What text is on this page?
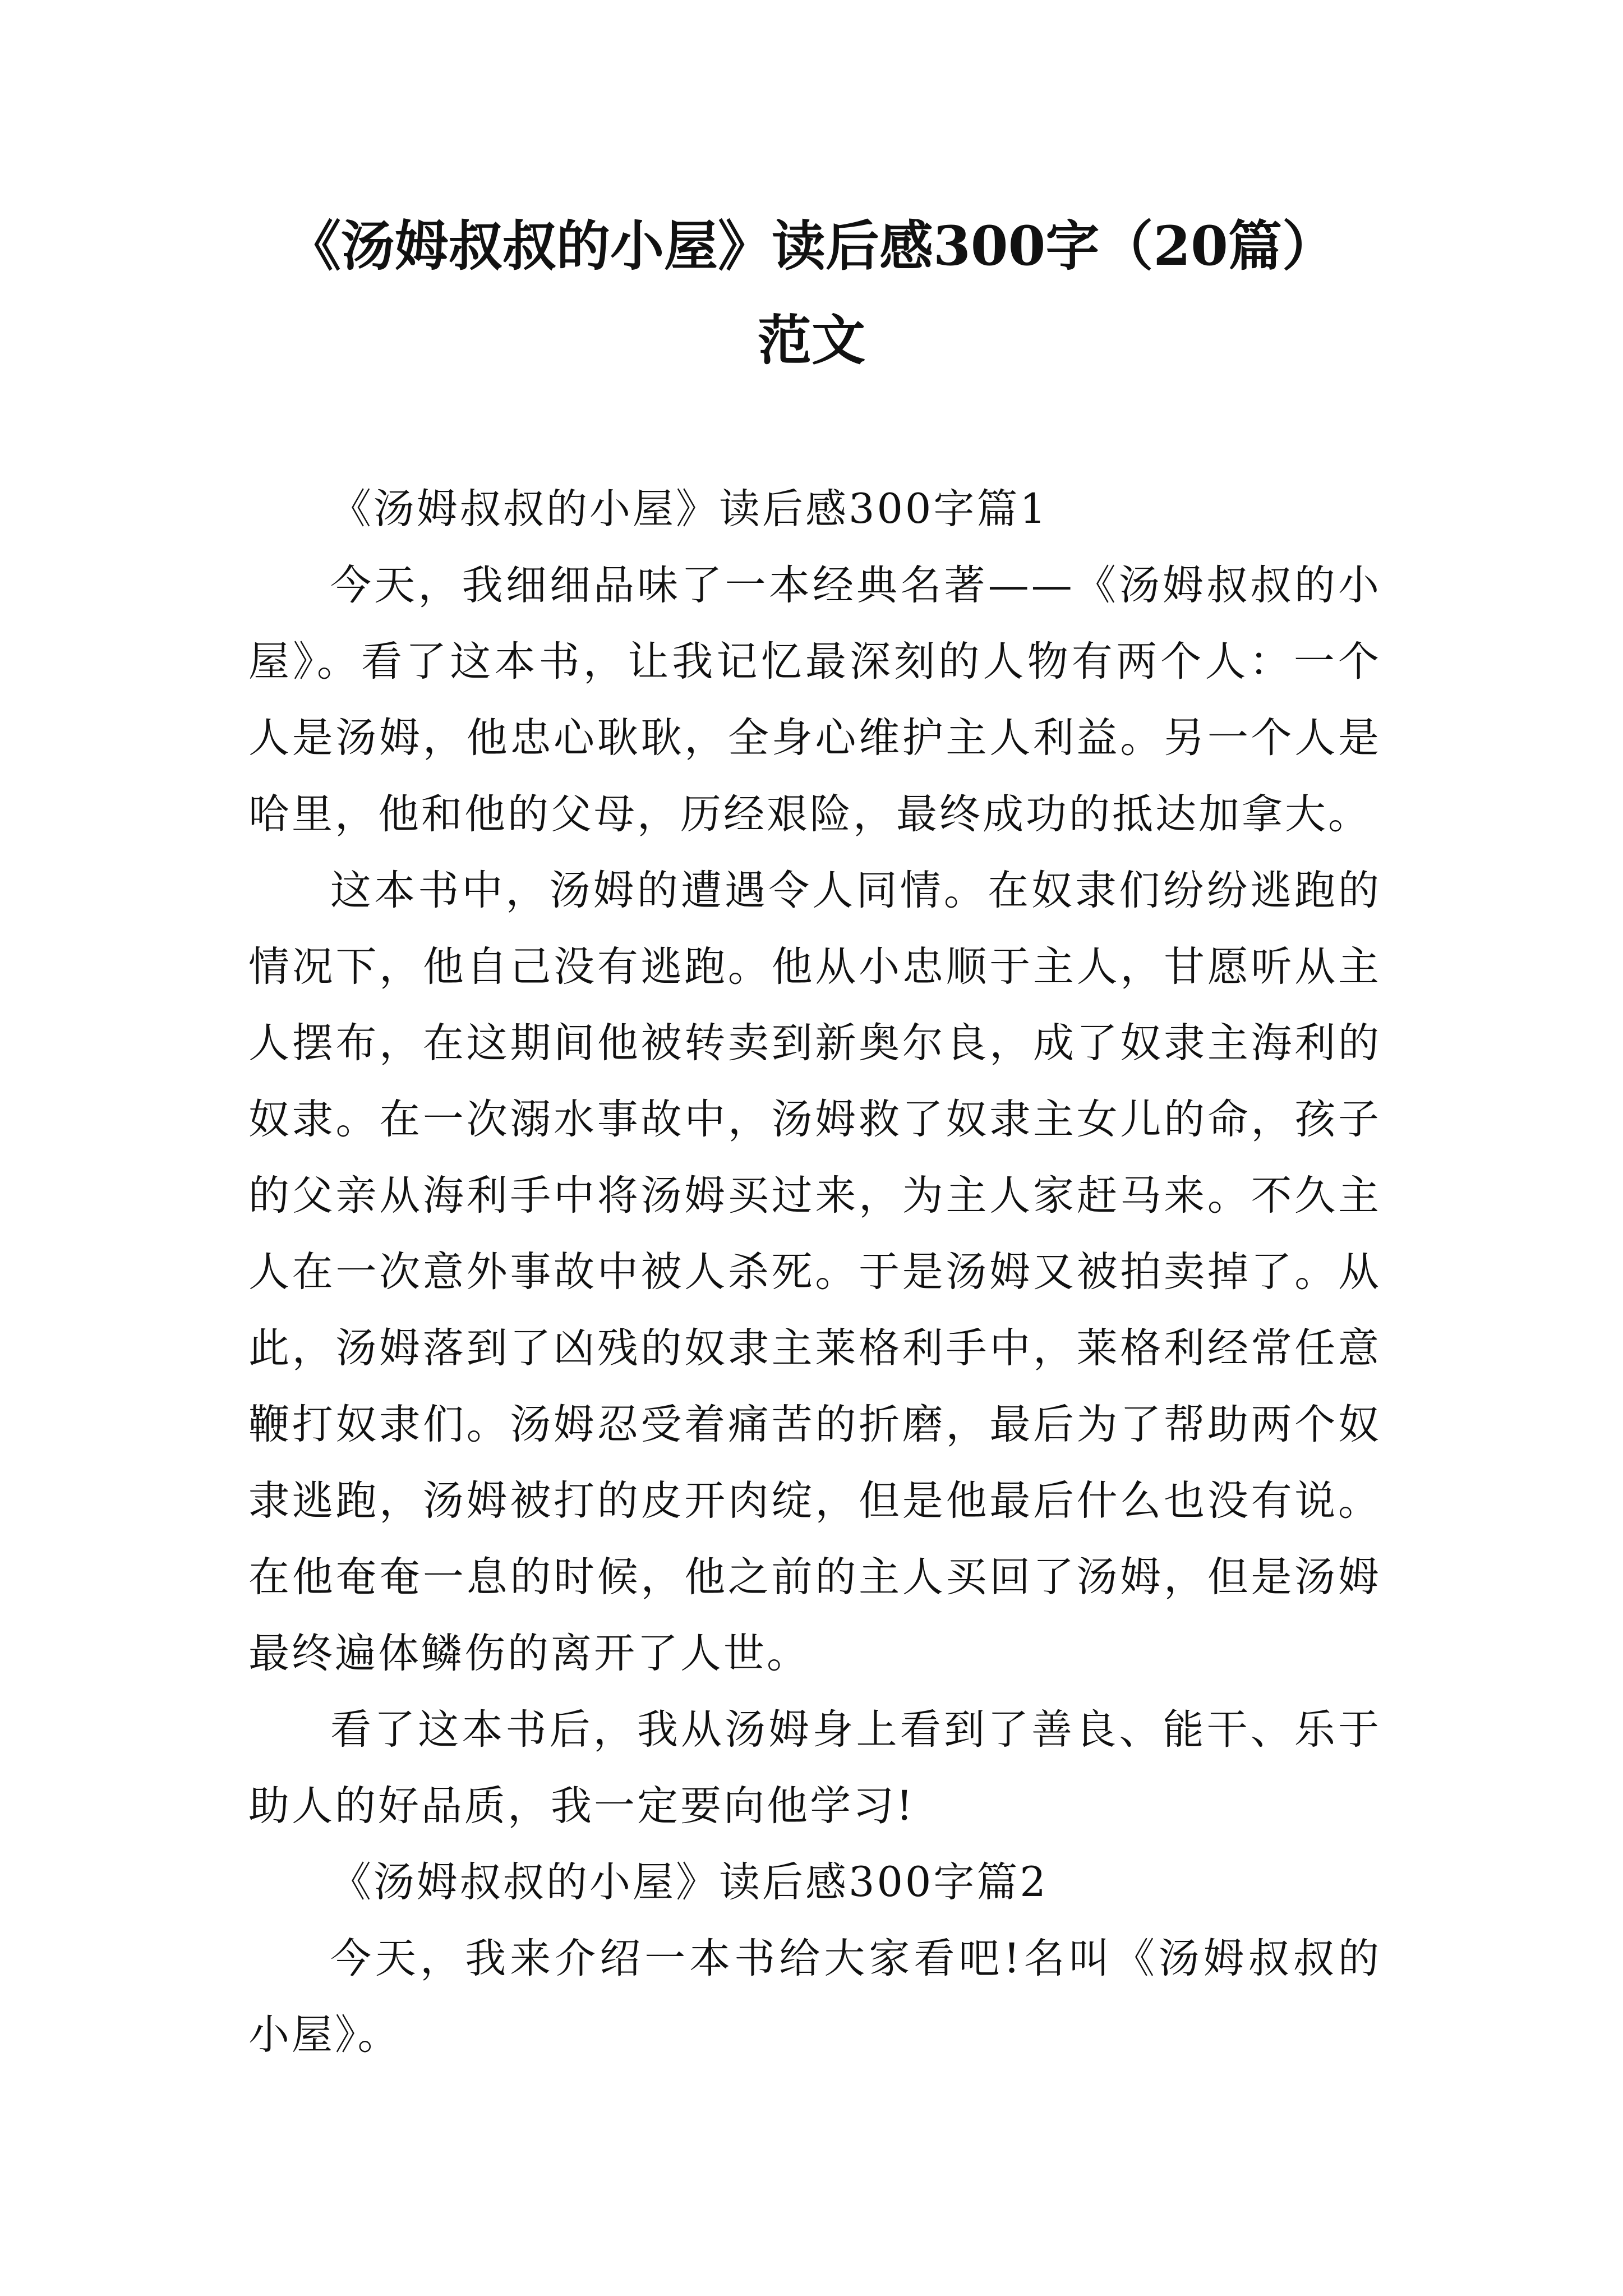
《汤姆叔叔的小屋》读后感300字（20篇）
范文

《汤姆叔叔的小屋》读后感300字篇1

今天，我细细品味了一本经典名著——《汤姆叔叔的小屋》。看了这本书，让我记忆最深刻的人物有两个人：一个人是汤姆，他忠心耿耿，全身心维护主人利益。另一个人是哈里，他和他的父母，历经艰险，最终成功的抵达加拿大。

这本书中，汤姆的遭遇令人同情。在奴隶们纷纷逃跑的情况下，他自己没有逃跑。他从小忠顺于主人，甘愿听从主人摆布，在这期间他被转卖到新奥尔良，成了奴隶主海利的奴隶。在一次溺水事故中，汤姆救了奴隶主女儿的命，孩子的父亲从海利手中将汤姆买过来，为主人家赶马来。不久主人在一次意外事故中被人杀死。于是汤姆又被拍卖掉了。从此，汤姆落到了凶残的奴隶主莱格利手中，莱格利经常任意鞭打奴隶们。汤姆忍受着痛苦的折磨，最后为了帮助两个奴隶逃跑，汤姆被打的皮开肉绽，但是他最后什么也没有说。在他奄奄一息的时候，他之前的主人买回了汤姆，但是汤姆最终遍体鳞伤的离开了人世。

看了这本书后，我从汤姆身上看到了善良、能干、乐于助人的好品质，我一定要向他学习!

《汤姆叔叔的小屋》读后感300字篇2

今天，我来介绍一本书给大家看吧!名叫《汤姆叔叔的小屋》。
